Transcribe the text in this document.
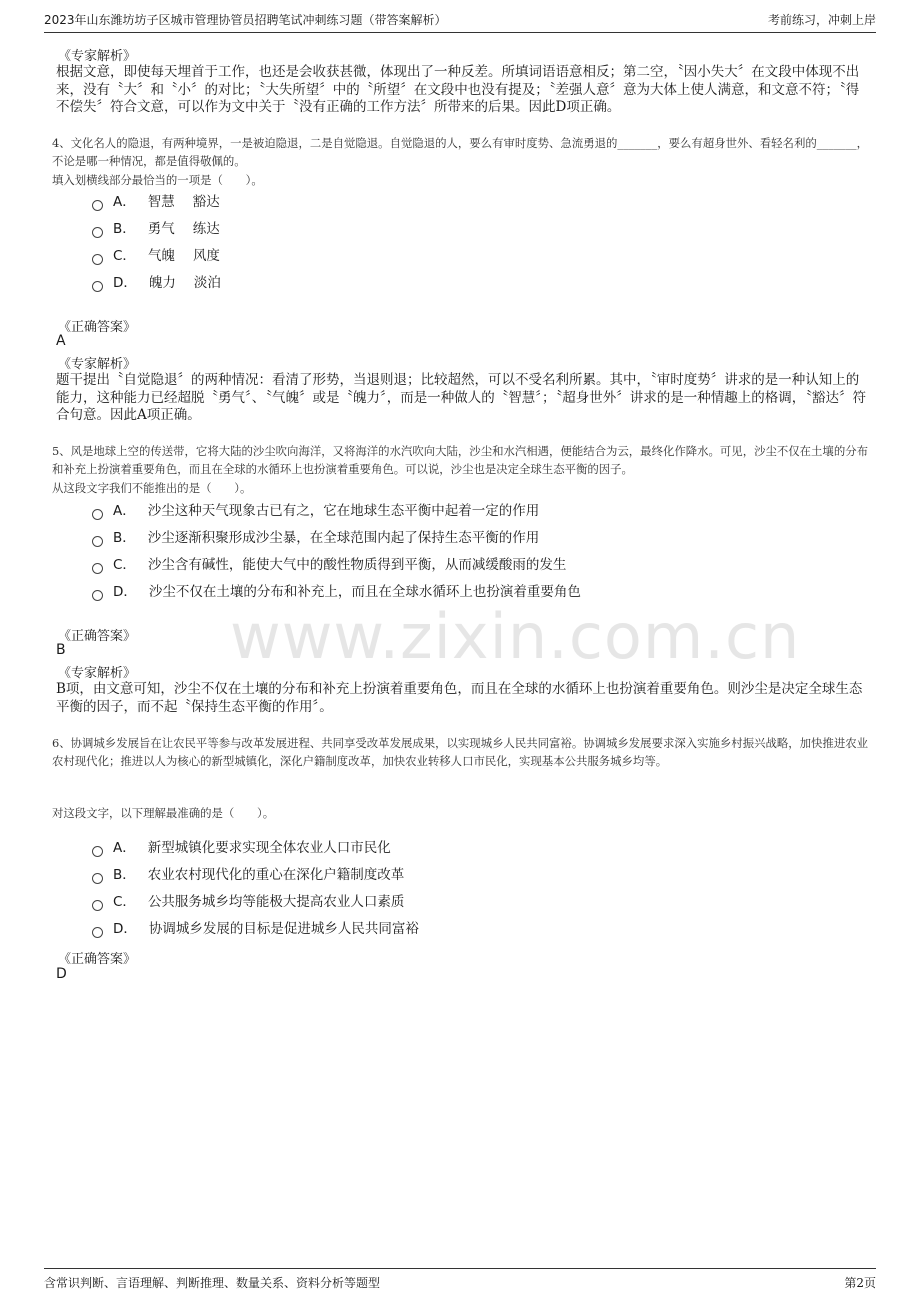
2023年山东潍坊坊子区城市管理协管员招聘笔试冲刺练习题（带答案解析）	考前练习，冲刺上岸
www.zixin.com.cn
《专家解析》
根据文意，即使每天埋首于工作，也还是会收获甚微，体现出了一种反差。所填词语语意相反；第二空，〝因小失大〞在文段中体现不出来，没有〝大〞和〝小〞的对比；〝大失所望〞中的〝所望〞在文段中也没有提及；〝差强人意〞意为大体上使人满意，和文意不符；〝得不偿失〞符合文意，可以作为文中关于〝没有正确的工作方法〞所带来的后果。因此D项正确。
4、文化名人的隐退，有两种境界，一是被迫隐退，二是自觉隐退。自觉隐退的人，要么有审时度势、急流勇退的_______，要么有超身世外、看轻名利的_______，不论是哪一种情况，都是值得敬佩的。
填入划横线部分最恰当的一项是（　　）。
A． 智慧 豁达
B． 勇气 练达
C． 气魄 风度
D． 魄力 淡泊
《正确答案》
A
《专家解析》
题干提出〝自觉隐退〞的两种情况：看清了形势，当退则退；比较超然，可以不受名利所累。其中，〝审时度势〞讲求的是一种认知上的能力，这种能力已经超脱〝勇气〞、〝气魄〞或是〝魄力〞，而是一种做人的〝智慧〞；〝超身世外〞讲求的是一种情趣上的格调，〝豁达〞符合句意。因此A项正确。
5、风是地球上空的传送带，它将大陆的沙尘吹向海洋，又将海洋的水汽吹向大陆，沙尘和水汽相遇，便能结合为云，最终化作降水。可见，沙尘不仅在土壤的分布和补充上扮演着重要角色，而且在全球的水循环上也扮演着重要角色。可以说，沙尘也是决定全球生态平衡的因子。
从这段文字我们不能推出的是（　　）。
A． 沙尘这种天气现象古已有之，它在地球生态平衡中起着一定的作用
B． 沙尘逐渐积聚形成沙尘暴，在全球范围内起了保持生态平衡的作用
C． 沙尘含有碱性，能使大气中的酸性物质得到平衡，从而减缓酸雨的发生
D． 沙尘不仅在土壤的分布和补充上，而且在全球水循环上也扮演着重要角色
《正确答案》
B
《专家解析》
B项，由文意可知，沙尘不仅在土壤的分布和补充上扮演着重要角色，而且在全球的水循环上也扮演着重要角色。则沙尘是决定全球生态平衡的因子，而不起〝保持生态平衡的作用〞。
6、协调城乡发展旨在让农民平等参与改革发展进程、共同享受改革发展成果，以实现城乡人民共同富裕。协调城乡发展要求深入实施乡村振兴战略，加快推进农业农村现代化；推进以人为核心的新型城镇化，深化户籍制度改革，加快农业转移人口市民化，实现基本公共服务城乡均等。
对这段文字，以下理解最准确的是（　　）。
A． 新型城镇化要求实现全体农业人口市民化
B． 农业农村现代化的重心在深化户籍制度改革
C． 公共服务城乡均等能极大提高农业人口素质
D． 协调城乡发展的目标是促进城乡人民共同富裕
《正确答案》
D
含常识判断、言语理解、判断推理、数量关系、资料分析等题型	第2页
